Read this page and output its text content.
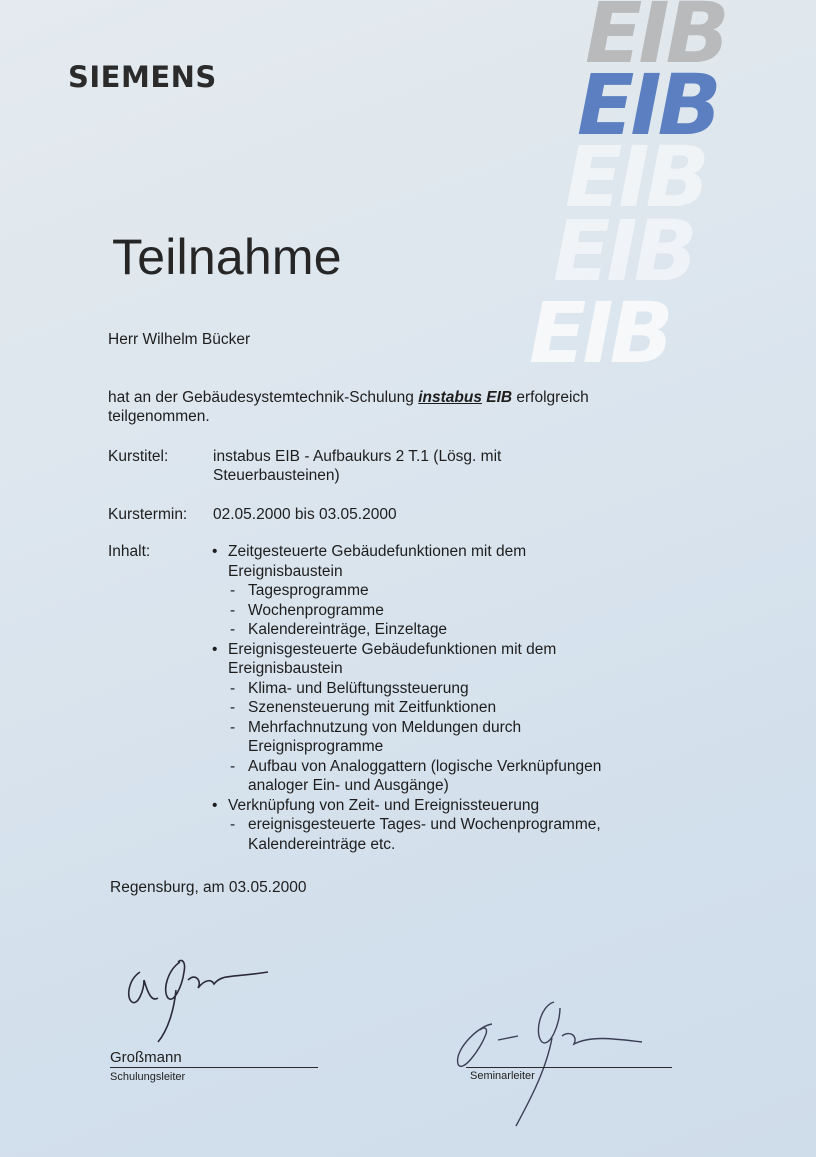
SIEMENS	EIB
EIB
EIB
EIB
EIB
Teilnahme
Herr Wilhelm Bücker
hat an der Gebäudesystemtechnik-Schulung instabus EIB erfolgreich
teilgenommen.
Kurstitel:	instabus EIB - Aufbaukurs 2 T.1 (Lösg. mit
Steuerbausteinen)
Kurstermin: 02.05.2000 bis 03.05.2000
Inhalt:
•	Zeitgesteuerte Gebäudefunktionen mit dem
Ereignisbaustein
- Tagesprogramme
- Wochenprogramme
- Kalendereinträge, Einzeltage
• Ereignisgesteuerte Gebäudefunktionen mit dem
Ereignisbaustein
- Klima- und Belüftungssteuerung
- Szenensteuerung mit Zeitfunktionen
- Mehrfachnutzung von Meldungen durch
Ereignisprogramme
- Aufbau von Analoggattern (logische Verknüpfungen
analoger Ein- und Ausgänge)
• Verknüpfung von Zeit- und Ereignissteuerung
- ereignisgesteuerte Tages- und Wochenprogramme,
Kalendereinträge etc.
Regensburg, am 03.05.2000
Großmann
Schulungsleiter	Seminarleiter
